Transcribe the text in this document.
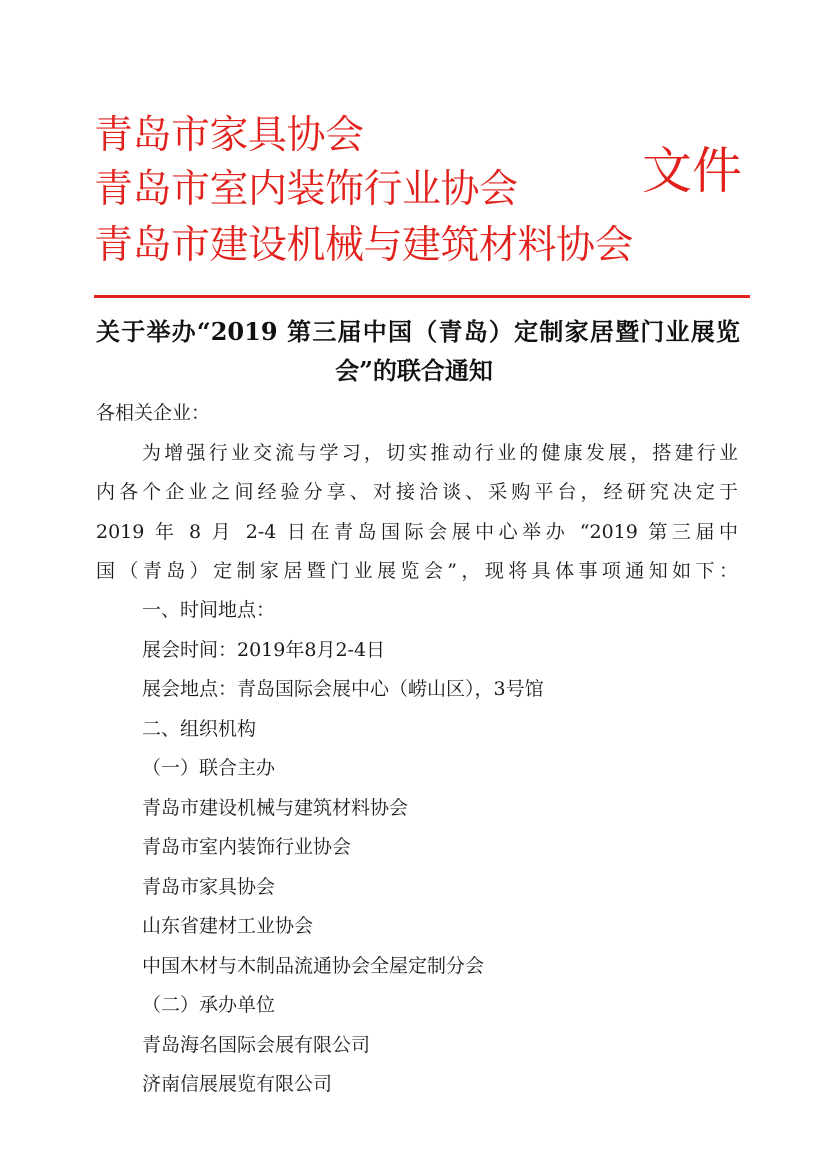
青岛市家具协会
青岛市室内装饰行业协会
青岛市建设机械与建筑材料协会
文件
关于举办“2019 第三届中国（青岛）定制家居暨门业展览
会”的联合通知
各相关企业：
为增强行业交流与学习，切实推动行业的健康发展，搭建行业
内各个企业之间经验分享、对接洽谈、采购平台，经研究决定于
2019 年 8 月 2-4 日在青岛国际会展中心举办 “2019 第三届中
国（青岛）定制家居暨门业展览会”，现将具体事项通知如下：
一、时间地点：
展会时间：2019年8月2-4日
展会地点：青岛国际会展中心（崂山区），3号馆
二、组织机构
（一）联合主办
青岛市建设机械与建筑材料协会
青岛市室内装饰行业协会
青岛市家具协会
山东省建材工业协会
中国木材与木制品流通协会全屋定制分会
（二）承办单位
青岛海名国际会展有限公司
济南信展展览有限公司
